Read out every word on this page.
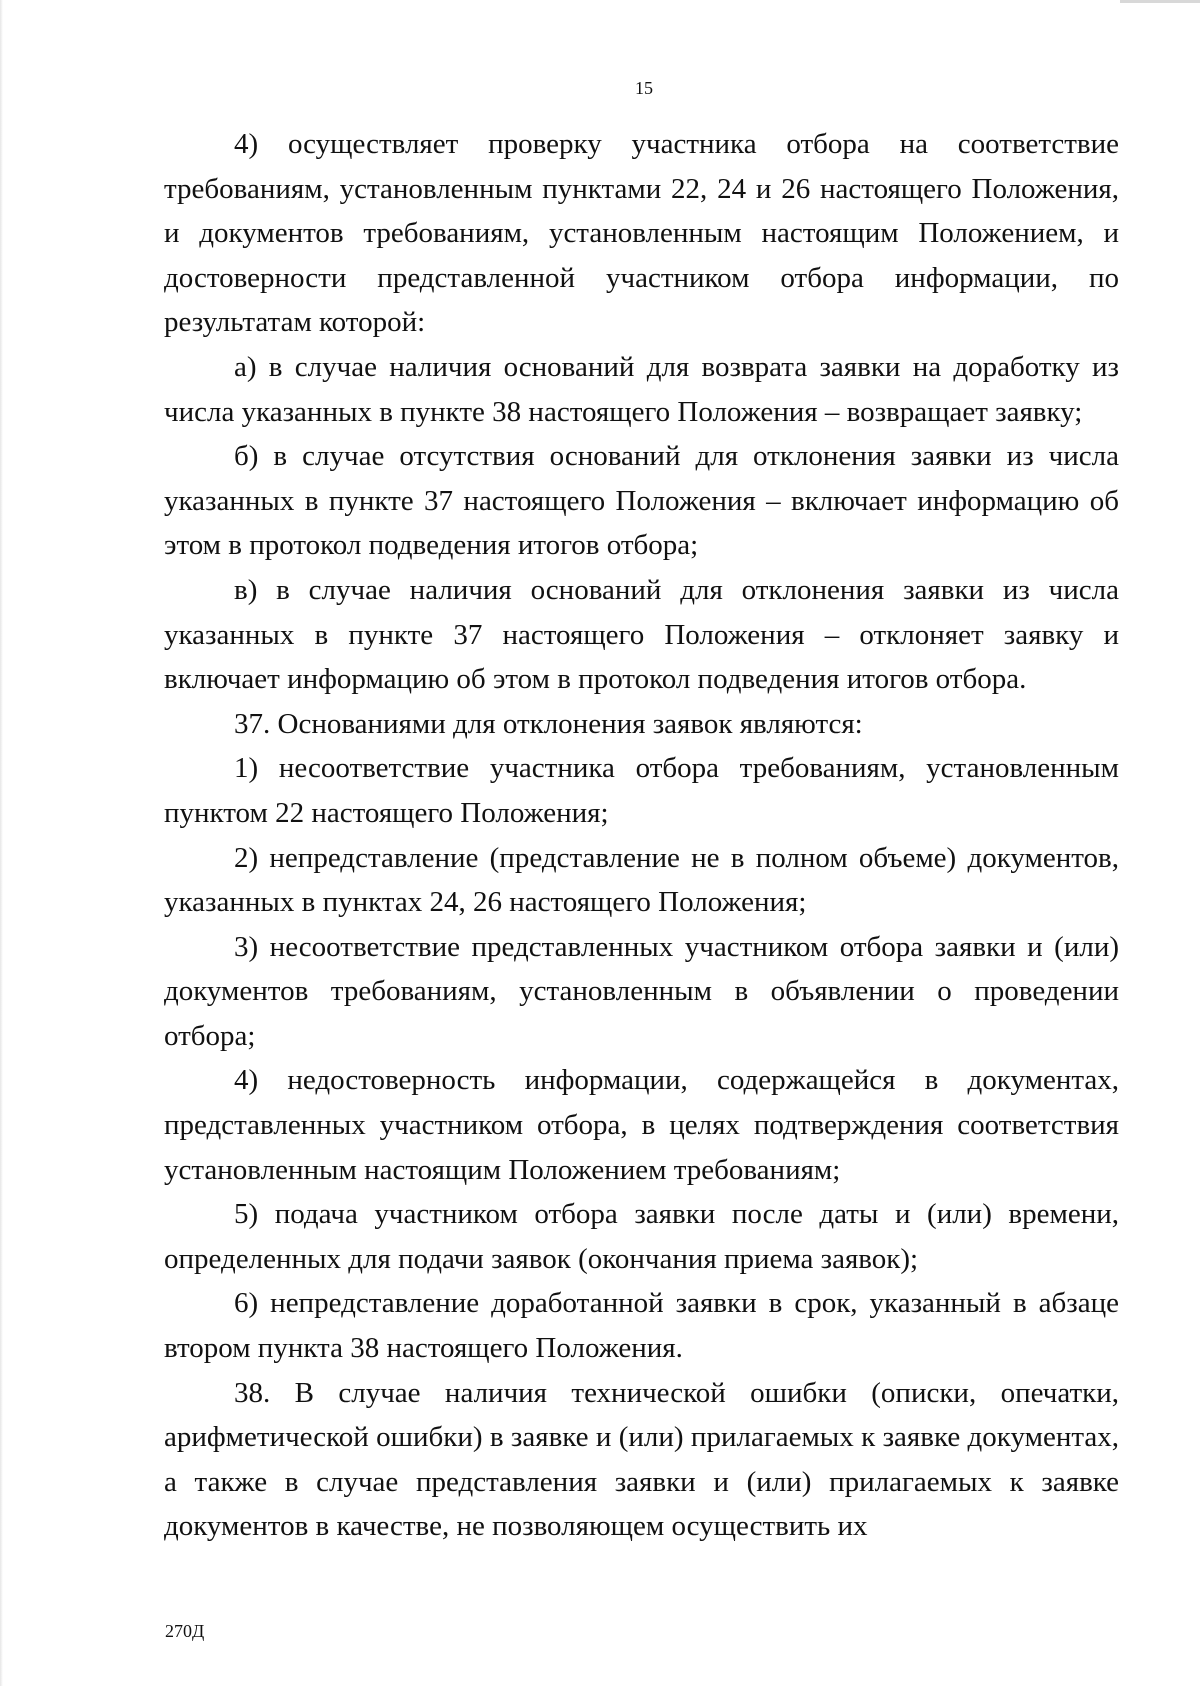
15

4) осуществляет проверку участника отбора на соответствие требованиям, установленным пунктами 22, 24 и 26 настоящего Положения, и документов требованиям, установленным настоящим Положением, и достоверности представленной участником отбора информации, по результатам которой:

а) в случае наличия оснований для возврата заявки на доработку из числа указанных в пункте 38 настоящего Положения – возвращает заявку;

б) в случае отсутствия оснований для отклонения заявки из числа указанных в пункте 37 настоящего Положения – включает информацию об этом в протокол подведения итогов отбора;

в) в случае наличия оснований для отклонения заявки из числа указанных в пункте 37 настоящего Положения – отклоняет заявку и включает информацию об этом в протокол подведения итогов отбора.

37. Основаниями для отклонения заявок являются:

1) несоответствие участника отбора требованиям, установленным пунктом 22 настоящего Положения;

2) непредставление (представление не в полном объеме) документов, указанных в пунктах 24, 26 настоящего Положения;

3) несоответствие представленных участником отбора заявки и (или) документов требованиям, установленным в объявлении о проведении отбора;

4) недостоверность информации, содержащейся в документах, представленных участником отбора, в целях подтверждения соответствия установленным настоящим Положением требованиям;

5) подача участником отбора заявки после даты и (или) времени, определенных для подачи заявок (окончания приема заявок);

6) непредставление доработанной заявки в срок, указанный в абзаце втором пункта 38 настоящего Положения.

38. В случае наличия технической ошибки (описки, опечатки, арифметической ошибки) в заявке и (или) прилагаемых к заявке документах, а также в случае представления заявки и (или) прилагаемых к заявке документов в качестве, не позволяющем осуществить их

270Д
